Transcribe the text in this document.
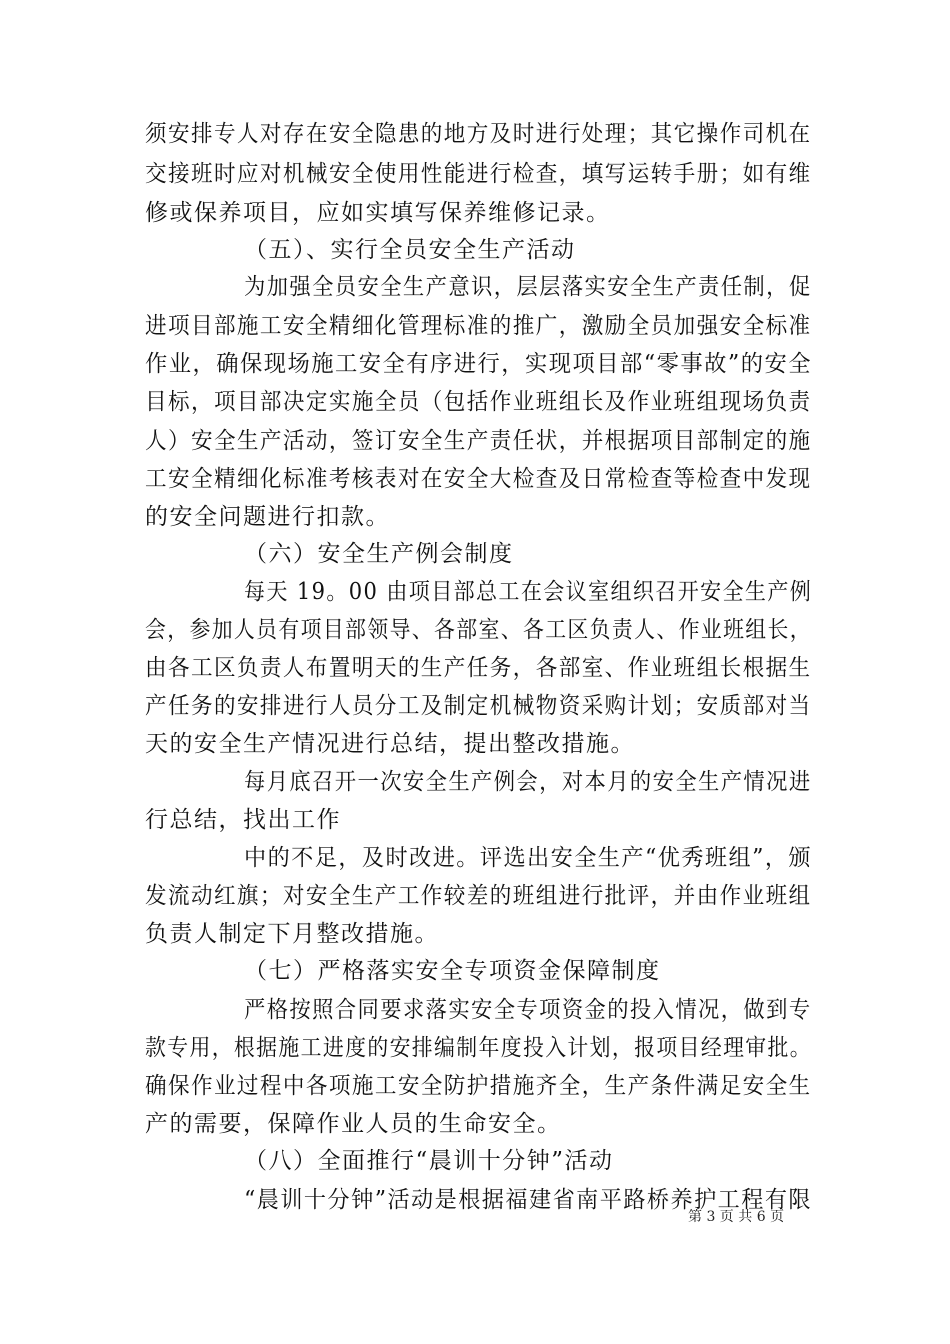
须安排专人对存在安全隐患的地方及时进行处理；其它操作司机在
交接班时应对机械安全使用性能进行检查，填写运转手册；如有维
修或保养项目，应如实填写保养维修记录。
（五）、实行全员安全生产活动
为加强全员安全生产意识，层层落实安全生产责任制，促
进项目部施工安全精细化管理标准的推广，激励全员加强安全标准
作业，确保现场施工安全有序进行，实现项目部“零事故”的安全
目标，项目部决定实施全员（包括作业班组长及作业班组现场负责
人）安全生产活动，签订安全生产责任状，并根据项目部制定的施
工安全精细化标准考核表对在安全大检查及日常检查等检查中发现
的安全问题进行扣款。
（六）安全生产例会制度
每天 19。00 由项目部总工在会议室组织召开安全生产例
会，参加人员有项目部领导、各部室、各工区负责人、作业班组长，
由各工区负责人布置明天的生产任务，各部室、作业班组长根据生
产任务的安排进行人员分工及制定机械物资采购计划；安质部对当
天的安全生产情况进行总结，提出整改措施。
每月底召开一次安全生产例会，对本月的安全生产情况进
行总结，找出工作
中的不足，及时改进。评选出安全生产“优秀班组”，颁
发流动红旗；对安全生产工作较差的班组进行批评，并由作业班组
负责人制定下月整改措施。
（七）严格落实安全专项资金保障制度
严格按照合同要求落实安全专项资金的投入情况，做到专
款专用，根据施工进度的安排编制年度投入计划，报项目经理审批。
确保作业过程中各项施工安全防护措施齐全，生产条件满足安全生
产的需要，保障作业人员的生命安全。
（八）全面推行“晨训十分钟”活动
“晨训十分钟”活动是根据福建省南平路桥养护工程有限
第 3 页 共 6 页
